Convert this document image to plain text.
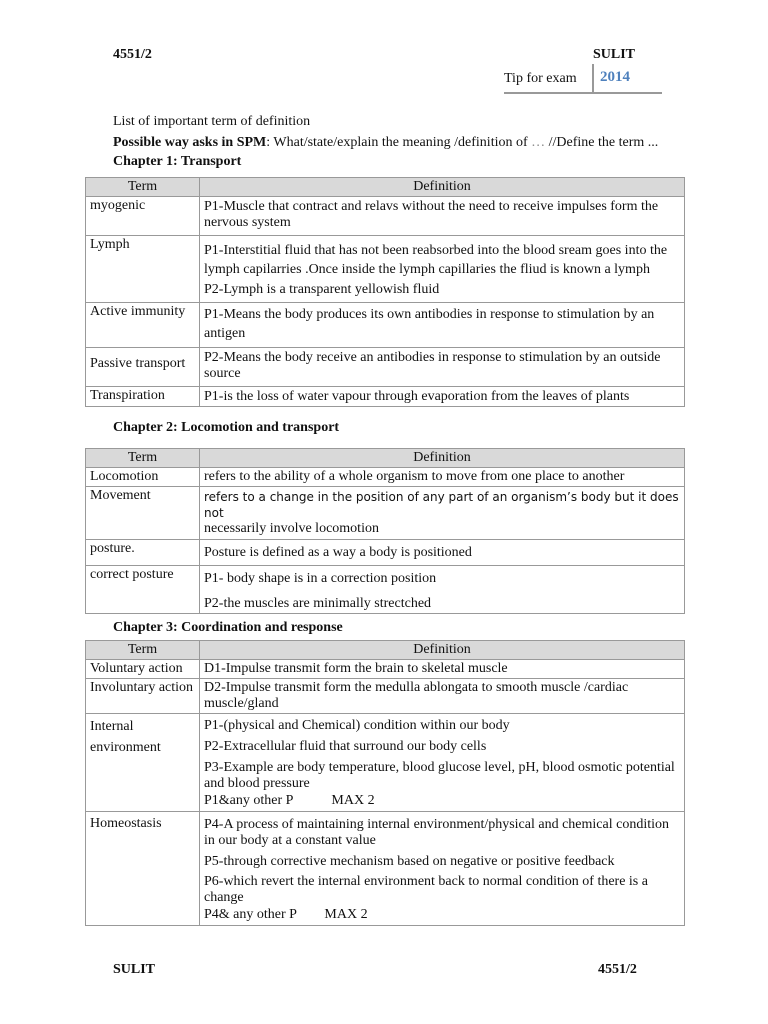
4551/2	SULIT
Tip for exam 2014
List of important term of definition
Possible way asks in SPM: What/state/explain the meaning /definition of … //Define the term ...
Chapter 1: Transport
Term	Definition
myogenic	P1-Muscle that contract and relavs without the need to receive impulses form the nervous system

Lymph	P1-Interstitial fluid that has not been reabsorbed into the blood sream goes into the lymph capilarries .Once inside the lymph capillaries the fliud is known a lymph
P2-Lymph is a transparent yellowish fluid

Active immunity	P1-Means the body produces its own antibodies in response to stimulation by an antigen

Passive transport	P2-Means the body receive an antibodies in response to stimulation by an outside source

Transpiration	P1-is the loss of water vapour through evaporation from the leaves of plants
Chapter 2: Locomotion and transport
Term	Definition
Locomotion	refers to the ability of a whole organism to move from one place to another

Movement	refers to a change in the position of any part of an organism’s body but it does not
necessarily involve locomotion

posture.	Posture is defined as a way a body is positioned

correct posture	P1- body shape is in a correction position
P2-the muscles are minimally strectched
Chapter 3: Coordination and response
Term	Definition
Voluntary action	D1-Impulse transmit form the brain to skeletal muscle

Involuntary action	D2-Impulse transmit form the medulla ablongata to smooth muscle /cardiac muscle/gland

Internal environment	P1-(physical and Chemical) condition within our body
P2-Extracellular fluid that surround our body cells
P3-Example are body temperature, blood glucose level, pH, blood osmotic potential and blood pressure
P1&any other P           MAX 2

Homeostasis	P4-A process of maintaining internal environment/physical and chemical condition in our body at a constant value
P5-through corrective mechanism based on negative or positive feedback
P6-which revert the internal environment back to normal condition of there is a change
P4& any other P        MAX 2
SULIT	4551/2
